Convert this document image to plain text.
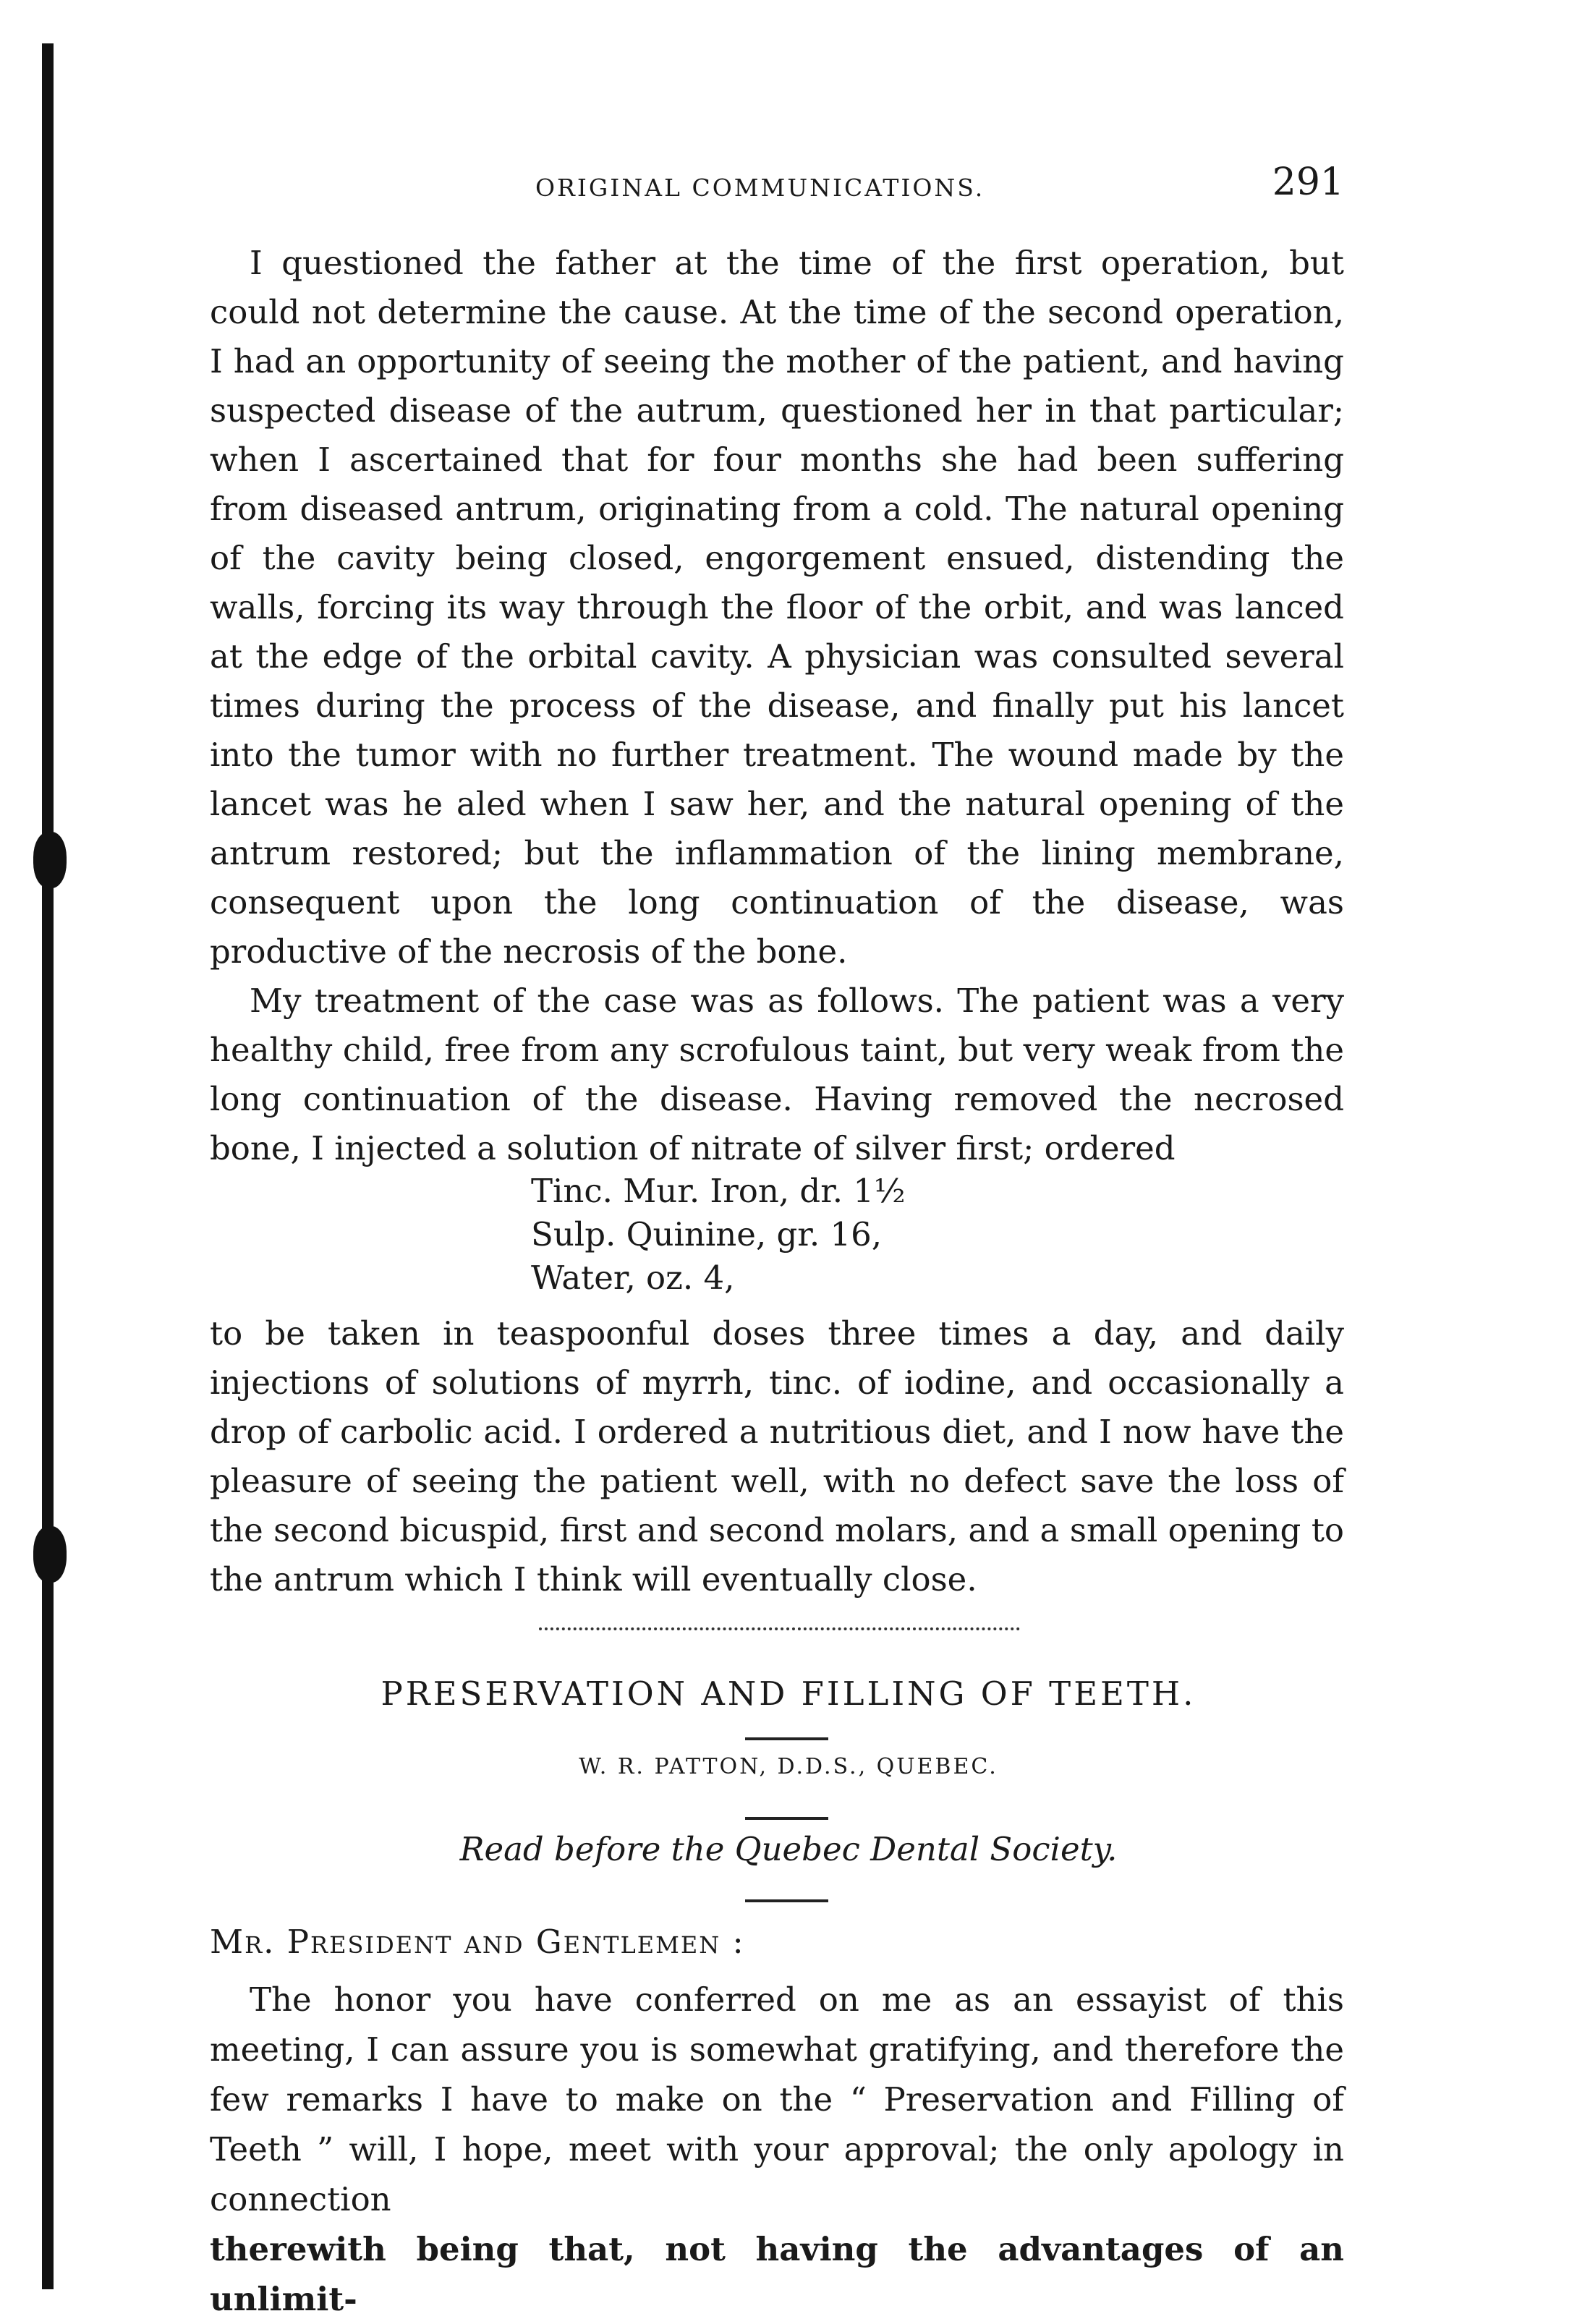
ORIGINAL COMMUNICATIONS.	291

I questioned the father at the time of the first operation, but could not determine the cause. At the time of the second operation, I had an opportunity of seeing the mother of the patient, and having suspected disease of the autrum, questioned her in that particular; when I ascertained that for four months she had been suffering from diseased antrum, originating from a cold. The natural opening of the cavity being closed, engorgement ensued, distending the walls, forcing its way through the floor of the orbit, and was lanced at the edge of the orbital cavity. A physician was consulted several times during the process of the disease, and finally put his lancet into the tumor with no further treatment. The wound made by the lancet was he aled when I saw her, and the natural opening of the antrum restored; but the inflammation of the lining membrane, consequent upon the long continuation of the disease, was productive of the necrosis of the bone.

My treatment of the case was as follows. The patient was a very healthy child, free from any scrofulous taint, but very weak from the long continuation of the disease. Having removed the necrosed bone, I injected a solution of nitrate of silver first; ordered

Tinc. Mur. Iron, dr. 1½
Sulp. Quinine, gr. 16,
Water, oz. 4,

to be taken in teaspoonful doses three times a day, and daily injections of solutions of myrrh, tinc. of iodine, and occasionally a drop of carbolic acid. I ordered a nutritious diet, and I now have the pleasure of seeing the patient well, with no defect save the loss of the second bicuspid, first and second molars, and a small opening to the antrum which I think will eventually close.

PRESERVATION AND FILLING OF TEETH.
W. R. PATTON, D.D.S., QUEBEC.
Read before the Quebec Dental Society.
Mr. President and Gentlemen :

The honor you have conferred on me as an essayist of this meeting, I can assure you is somewhat gratifying, and therefore the few remarks I have to make on the “ Preservation and Filling of Teeth ” will, I hope, meet with your approval; the only apology in connection

therewith being that, not having the advantages of an unlimit-
